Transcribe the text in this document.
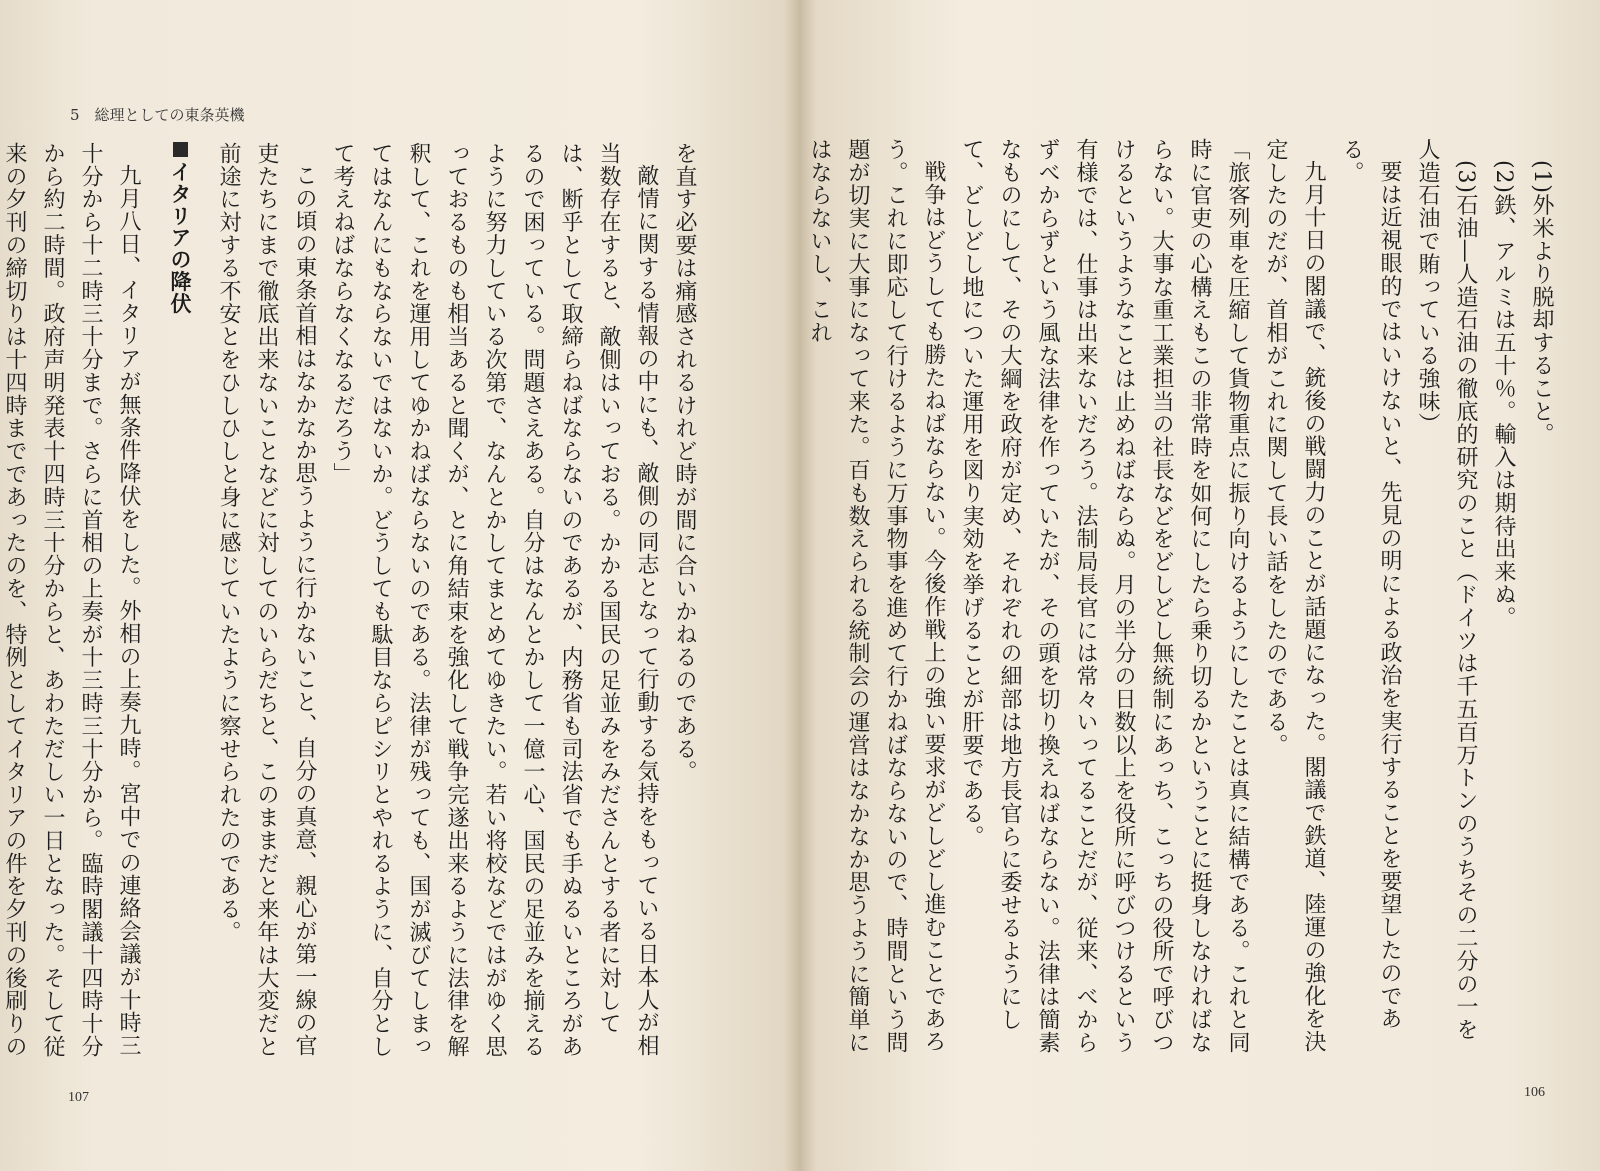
5　総理としての東条英機
を直す必要は痛感されるけれど時が間に合いかねるのである。
敵情に関する情報の中にも、敵側の同志となって行動する気持をもっている日本人が相当数存在すると、敵側はいっておる。かかる国民の足並みをみださんとする者に対しては、断乎として取締らねばならないのであるが、内務省も司法省でも手ぬるいところがあるので困っている。問題さえある。自分はなんとかして一億一心、国民の足並みを揃えるように努力している次第で、なんとかしてまとめてゆきたい。若い将校などではがゆく思っておるものも相当あると聞くが、とに角結束を強化して戦争完遂出来るように法律を解釈して、これを運用してゆかねばならないのである。法律が残っても、国が滅びてしまってはなんにもならないではないか。どうしても駄目ならピシリとやれるように、自分として考えねばならなくなるだろう」
この頃の東条首相はなかなか思うように行かないこと、自分の真意、親心が第一線の官吏たちにまで徹底出来ないことなどに対してのいらだちと、このままだと来年は大変だと前途に対する不安とをひしひしと身に感じていたように察せられたのである。
イタリアの降伏
九月八日、イタリアが無条件降伏をした。外相の上奏九時。宮中での連絡会議が十時三十分から十二時三十分まで。さらに首相の上奏が十三時三十分から。臨時閣議十四時十分から約二時間。政府声明発表十四時三十分からと、あわただしい一日となった。そして従来の夕刊の締切りは十四時までであったのを、特例としてイタリアの件を夕刊の後刷りの
107
(1)外米より脱却すること。
(2)鉄、アルミは五十％。輸入は期待出来ぬ。
(3)石油―人造石油の徹底的研究のこと（ドイツは千五百万トンのうちその二分の一を人造石油で賄っている強味）
要は近視眼的ではいけないと、先見の明による政治を実行することを要望したのである。
九月十日の閣議で、銃後の戦闘力のことが話題になった。閣議で鉄道、陸運の強化を決定したのだが、首相がこれに関して長い話をしたのである。
「旅客列車を圧縮して貨物重点に振り向けるようにしたことは真に結構である。これと同時に官吏の心構えもこの非常時を如何にしたら乗り切るかということに挺身しなければならない。大事な重工業担当の社長などをどしどし無統制にあっち、こっちの役所で呼びつけるというようなことは止めねばならぬ。月の半分の日数以上を役所に呼びつけるという有様では、仕事は出来ないだろう。法制局長官には常々いってることだが、従来、べからずべからずという風な法律を作っていたが、その頭を切り換えねばならない。法律は簡素なものにして、その大綱を政府が定め、それぞれの細部は地方長官らに委せるようにして、どしどし地についた運用を図り実効を挙げることが肝要である。
戦争はどうしても勝たねばならない。今後作戦上の強い要求がどしどし進むことであろう。これに即応して行けるように万事物事を進めて行かねばならないので、時間という問題が切実に大事になって来た。百も数えられる統制会の運営はなかなか思うように簡単にはならないし、これ
106
